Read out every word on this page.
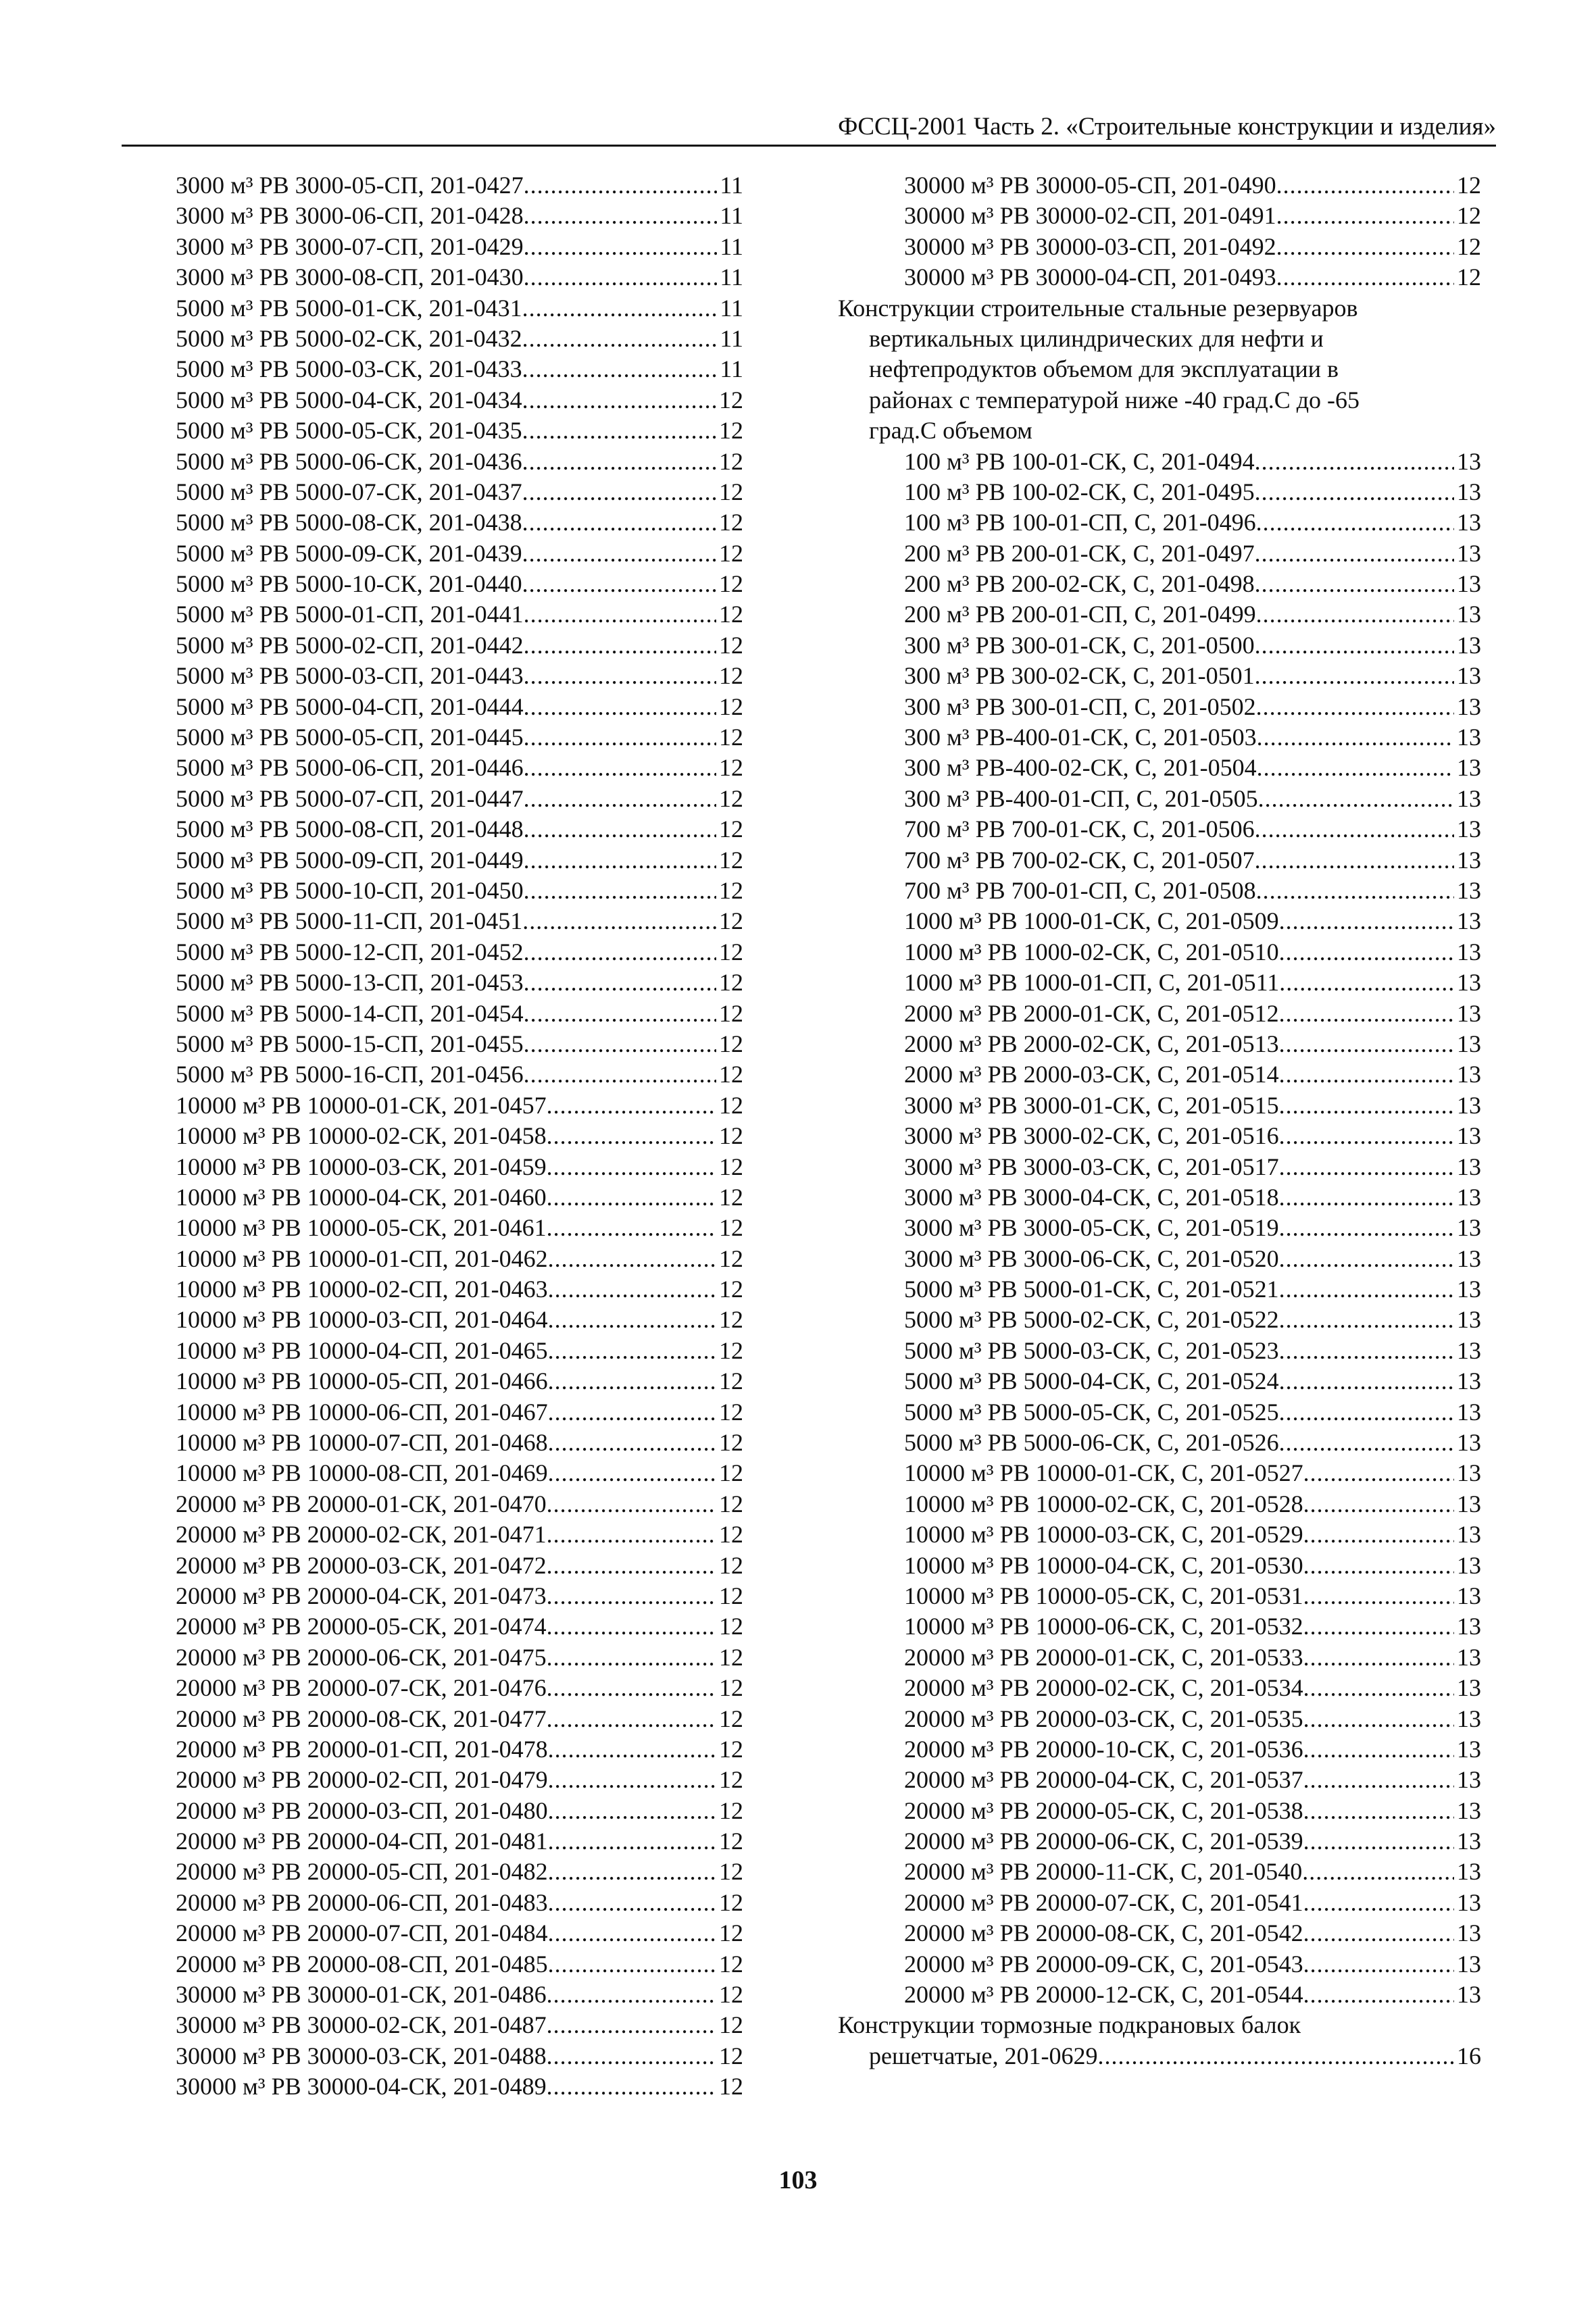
ФССЦ-2001 Часть 2. «Строительные конструкции и изделия»
3000 м³ РВ 3000-05-СП, 201-0427 .....	11
3000 м³ РВ 3000-06-СП, 201-0428 .....	11
3000 м³ РВ 3000-07-СП, 201-0429 .....	11
3000 м³ РВ 3000-08-СП, 201-0430 .....	11
5000 м³ РВ 5000-01-СК, 201-0431 .....	11
5000 м³ РВ 5000-02-СК, 201-0432 .....	11
5000 м³ РВ 5000-03-СК, 201-0433 .....	11
5000 м³ РВ 5000-04-СК, 201-0434 .....	12
5000 м³ РВ 5000-05-СК, 201-0435 .....	12
5000 м³ РВ 5000-06-СК, 201-0436 .....	12
5000 м³ РВ 5000-07-СК, 201-0437 .....	12
5000 м³ РВ 5000-08-СК, 201-0438 .....	12
5000 м³ РВ 5000-09-СК, 201-0439 .....	12
5000 м³ РВ 5000-10-СК, 201-0440 .....	12
5000 м³ РВ 5000-01-СП, 201-0441 .....	12
5000 м³ РВ 5000-02-СП, 201-0442 .....	12
5000 м³ РВ 5000-03-СП, 201-0443 .....	12
5000 м³ РВ 5000-04-СП, 201-0444 .....	12
5000 м³ РВ 5000-05-СП, 201-0445 .....	12
5000 м³ РВ 5000-06-СП, 201-0446 .....	12
5000 м³ РВ 5000-07-СП, 201-0447 .....	12
5000 м³ РВ 5000-08-СП, 201-0448 .....	12
5000 м³ РВ 5000-09-СП, 201-0449 .....	12
5000 м³ РВ 5000-10-СП, 201-0450 .....	12
5000 м³ РВ 5000-11-СП, 201-0451 .....	12
5000 м³ РВ 5000-12-СП, 201-0452 .....	12
5000 м³ РВ 5000-13-СП, 201-0453 .....	12
5000 м³ РВ 5000-14-СП, 201-0454 .....	12
5000 м³ РВ 5000-15-СП, 201-0455 .....	12
5000 м³ РВ 5000-16-СП, 201-0456 .....	12
10000 м³ РВ 10000-01-СК, 201-0457 .....	12
10000 м³ РВ 10000-02-СК, 201-0458 .....	12
10000 м³ РВ 10000-03-СК, 201-0459 .....	12
10000 м³ РВ 10000-04-СК, 201-0460 .....	12
10000 м³ РВ 10000-05-СК, 201-0461 .....	12
10000 м³ РВ 10000-01-СП, 201-0462 .....	12
10000 м³ РВ 10000-02-СП, 201-0463 .....	12
10000 м³ РВ 10000-03-СП, 201-0464 .....	12
10000 м³ РВ 10000-04-СП, 201-0465 .....	12
10000 м³ РВ 10000-05-СП, 201-0466 .....	12
10000 м³ РВ 10000-06-СП, 201-0467 .....	12
10000 м³ РВ 10000-07-СП, 201-0468 .....	12
10000 м³ РВ 10000-08-СП, 201-0469 .....	12
20000 м³ РВ 20000-01-СК, 201-0470 .....	12
20000 м³ РВ 20000-02-СК, 201-0471 .....	12
20000 м³ РВ 20000-03-СК, 201-0472 .....	12
20000 м³ РВ 20000-04-СК, 201-0473 .....	12
20000 м³ РВ 20000-05-СК, 201-0474 .....	12
20000 м³ РВ 20000-06-СК, 201-0475 .....	12
20000 м³ РВ 20000-07-СК, 201-0476 .....	12
20000 м³ РВ 20000-08-СК, 201-0477 .....	12
20000 м³ РВ 20000-01-СП, 201-0478 .....	12
20000 м³ РВ 20000-02-СП, 201-0479 .....	12
20000 м³ РВ 20000-03-СП, 201-0480 .....	12
20000 м³ РВ 20000-04-СП, 201-0481 .....	12
20000 м³ РВ 20000-05-СП, 201-0482 .....	12
20000 м³ РВ 20000-06-СП, 201-0483 .....	12
20000 м³ РВ 20000-07-СП, 201-0484 .....	12
20000 м³ РВ 20000-08-СП, 201-0485 .....	12
30000 м³ РВ 30000-01-СК, 201-0486 .....	12
30000 м³ РВ 30000-02-СК, 201-0487 .....	12
30000 м³ РВ 30000-03-СК, 201-0488 .....	12
30000 м³ РВ 30000-04-СК, 201-0489 .....	12
30000 м³ РВ 30000-05-СП, 201-0490 .....	12
30000 м³ РВ 30000-02-СП, 201-0491 .....	12
30000 м³ РВ 30000-03-СП, 201-0492 .....	12
30000 м³ РВ 30000-04-СП, 201-0493 .....	12
Конструкции строительные стальные резервуаров
вертикальных цилиндрических для нефти и
нефтепродуктов объемом для эксплуатации в
районах с температурой ниже -40 град.С до -65
град.С объемом
100 м³ РВ 100-01-СК, С, 201-0494 .....	13
100 м³ РВ 100-02-СК, С, 201-0495 .....	13
100 м³ РВ 100-01-СП, С, 201-0496 .....	13
200 м³ РВ 200-01-СК, С, 201-0497 .....	13
200 м³ РВ 200-02-СК, С, 201-0498 .....	13
200 м³ РВ 200-01-СП, С, 201-0499 .....	13
300 м³ РВ 300-01-СК, С, 201-0500 .....	13
300 м³ РВ 300-02-СК, С, 201-0501 .....	13
300 м³ РВ 300-01-СП, С, 201-0502 .....	13
300 м³ РВ-400-01-СК, С, 201-0503 .....	13
300 м³ РВ-400-02-СК, С, 201-0504 .....	13
300 м³ РВ-400-01-СП, С, 201-0505 .....	13
700 м³ РВ 700-01-СК, С, 201-0506 .....	13
700 м³ РВ 700-02-СК, С, 201-0507 .....	13
700 м³ РВ 700-01-СП, С, 201-0508 .....	13
1000 м³ РВ 1000-01-СК, С, 201-0509 .....	13
1000 м³ РВ 1000-02-СК, С, 201-0510 .....	13
1000 м³ РВ 1000-01-СП, С, 201-0511 .....	13
2000 м³ РВ 2000-01-СК, С, 201-0512 .....	13
2000 м³ РВ 2000-02-СК, С, 201-0513 .....	13
2000 м³ РВ 2000-03-СК, С, 201-0514 .....	13
3000 м³ РВ 3000-01-СК, С, 201-0515 .....	13
3000 м³ РВ 3000-02-СК, С, 201-0516 .....	13
3000 м³ РВ 3000-03-СК, С, 201-0517 .....	13
3000 м³ РВ 3000-04-СК, С, 201-0518 .....	13
3000 м³ РВ 3000-05-СК, С, 201-0519 .....	13
3000 м³ РВ 3000-06-СК, С, 201-0520 .....	13
5000 м³ РВ 5000-01-СК, С, 201-0521 .....	13
5000 м³ РВ 5000-02-СК, С, 201-0522 .....	13
5000 м³ РВ 5000-03-СК, С, 201-0523 .....	13
5000 м³ РВ 5000-04-СК, С, 201-0524 .....	13
5000 м³ РВ 5000-05-СК, С, 201-0525 .....	13
5000 м³ РВ 5000-06-СК, С, 201-0526 .....	13
10000 м³ РВ 10000-01-СК, С, 201-0527 .....	13
10000 м³ РВ 10000-02-СК, С, 201-0528 .....	13
10000 м³ РВ 10000-03-СК, С, 201-0529 .....	13
10000 м³ РВ 10000-04-СК, С, 201-0530 .....	13
10000 м³ РВ 10000-05-СК, С, 201-0531 .....	13
10000 м³ РВ 10000-06-СК, С, 201-0532 .....	13
20000 м³ РВ 20000-01-СК, С, 201-0533 .....	13
20000 м³ РВ 20000-02-СК, С, 201-0534 .....	13
20000 м³ РВ 20000-03-СК, С, 201-0535 .....	13
20000 м³ РВ 20000-10-СК, С, 201-0536 .....	13
20000 м³ РВ 20000-04-СК, С, 201-0537 .....	13
20000 м³ РВ 20000-05-СК, С, 201-0538 .....	13
20000 м³ РВ 20000-06-СК, С, 201-0539 .....	13
20000 м³ РВ 20000-11-СК, С, 201-0540 .....	13
20000 м³ РВ 20000-07-СК, С, 201-0541 .....	13
20000 м³ РВ 20000-08-СК, С, 201-0542 .....	13
20000 м³ РВ 20000-09-СК, С, 201-0543 .....	13
20000 м³ РВ 20000-12-СК, С, 201-0544 .....	13
Конструкции тормозные подкрановых балок
решетчатые, 201-0629 .....	16
103
